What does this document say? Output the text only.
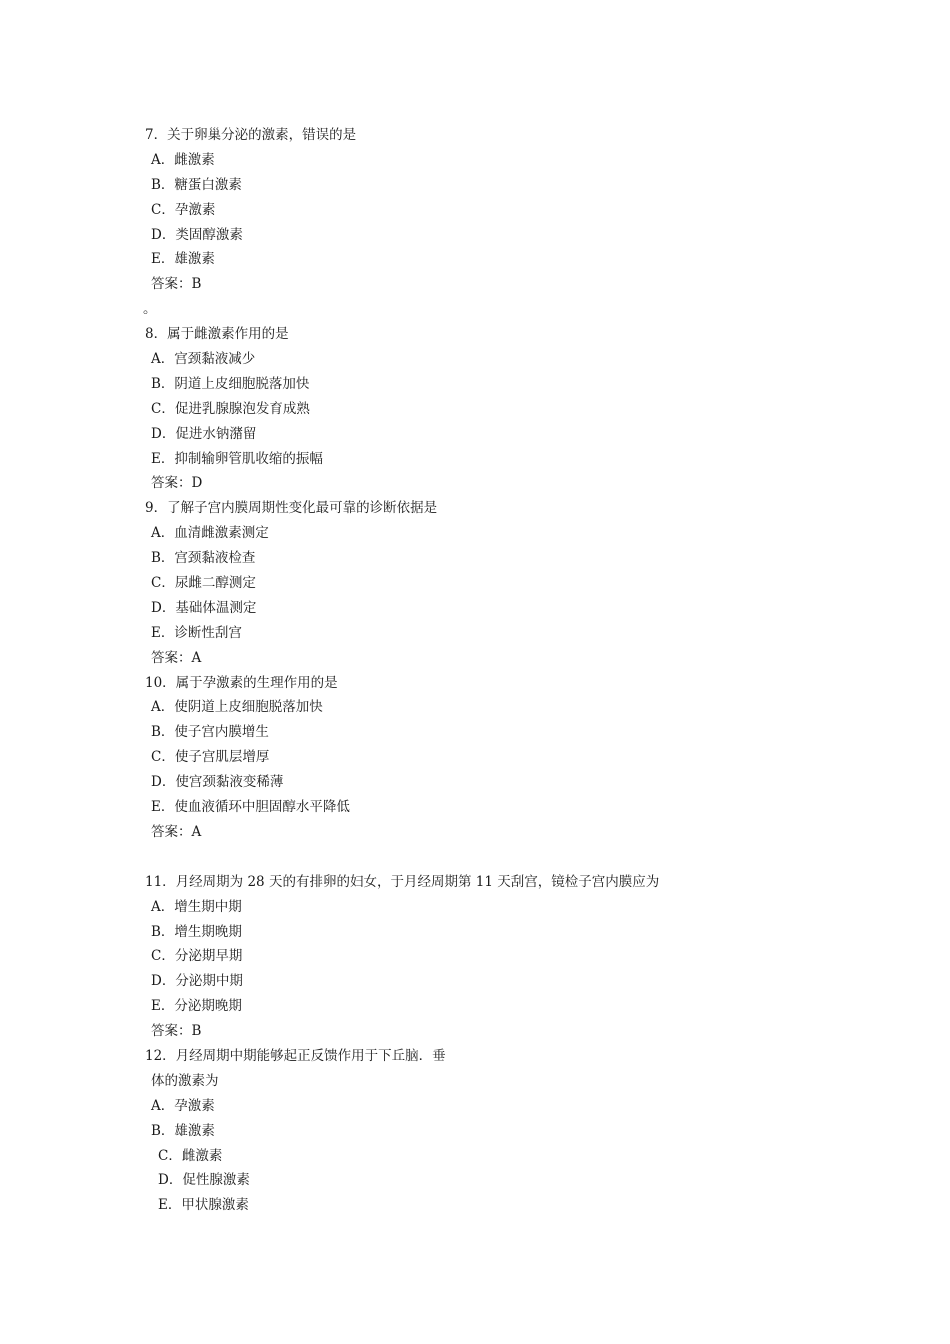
7．关于卵巢分泌的激素，错误的是
A．雌激素
B．糖蛋白激素
C．孕激素
D．类固醇激素
E．雄激素
答案：B
。
8．属于雌激素作用的是
A．宫颈黏液减少
B．阴道上皮细胞脱落加快
C．促进乳腺腺泡发育成熟
D．促进水钠潴留
E．抑制输卵管肌收缩的振幅
答案：D
9．了解子宫内膜周期性变化最可靠的诊断依据是
A．血清雌激素测定
B．宫颈黏液检查
C．尿雌二醇测定
D．基础体温测定
E．诊断性刮宫
答案：A
10．属于孕激素的生理作用的是
A．使阴道上皮细胞脱落加快
B．使子宫内膜增生
C．使子宫肌层增厚
D．使宫颈黏液变稀薄
E．使血液循环中胆固醇水平降低
答案：A
11．月经周期为 28 天的有排卵的妇女，于月经周期第 11 天刮宫，镜检子宫内膜应为
A．增生期中期
B．增生期晚期
C．分泌期早期
D．分泌期中期
E．分泌期晚期
答案：B
12．月经周期中期能够起正反馈作用于下丘脑．垂
体的激素为
A．孕激素
B．雄激素
C．雌激素
D．促性腺激素
E．甲状腺激素
